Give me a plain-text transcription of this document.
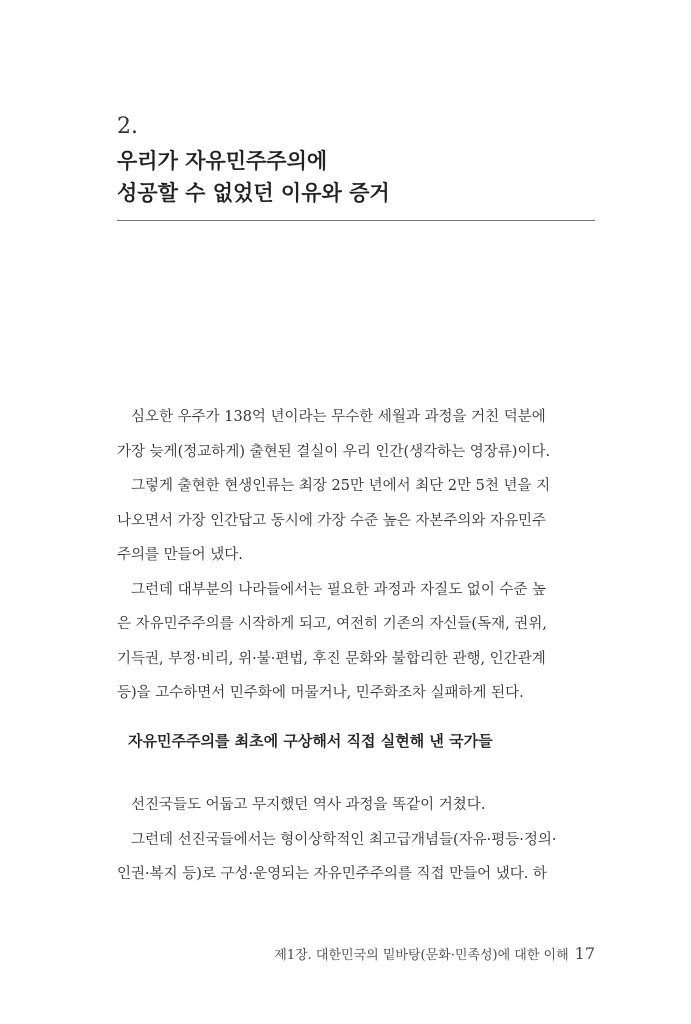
2.
우리가 자유민주주의에
성공할 수 없었던 이유와 증거
심오한 우주가 138억 년이라는 무수한 세월과 과정을 거친 덕분에
가장 늦게(정교하게) 출현된 결실이 우리 인간(생각하는 영장류)이다.
그렇게 출현한 현생인류는 최장 25만 년에서 최단 2만 5천 년을 지
나오면서 가장 인간답고 동시에 가장 수준 높은 자본주의와 자유민주
주의를 만들어 냈다.
그런데 대부분의 나라들에서는 필요한 과정과 자질도 없이 수준 높
은 자유민주주의를 시작하게 되고, 여전히 기존의 자신들(독재, 권위,
기득권, 부정·비리, 위·불·편법, 후진 문화와 불합리한 관행, 인간관계
등)을 고수하면서 민주화에 머물거나, 민주화조차 실패하게 된다.
자유민주주의를 최초에 구상해서 직접 실현해 낸 국가들
선진국들도 어둡고 무지했던 역사 과정을 똑같이 거쳤다.
그런데 선진국들에서는 형이상학적인 최고급개념들(자유·평등·정의·
인권·복지 등)로 구성·운영되는 자유민주주의를 직접 만들어 냈다. 하
제1장. 대한민국의 밑바탕(문화·민족성)에 대한 이해 17
